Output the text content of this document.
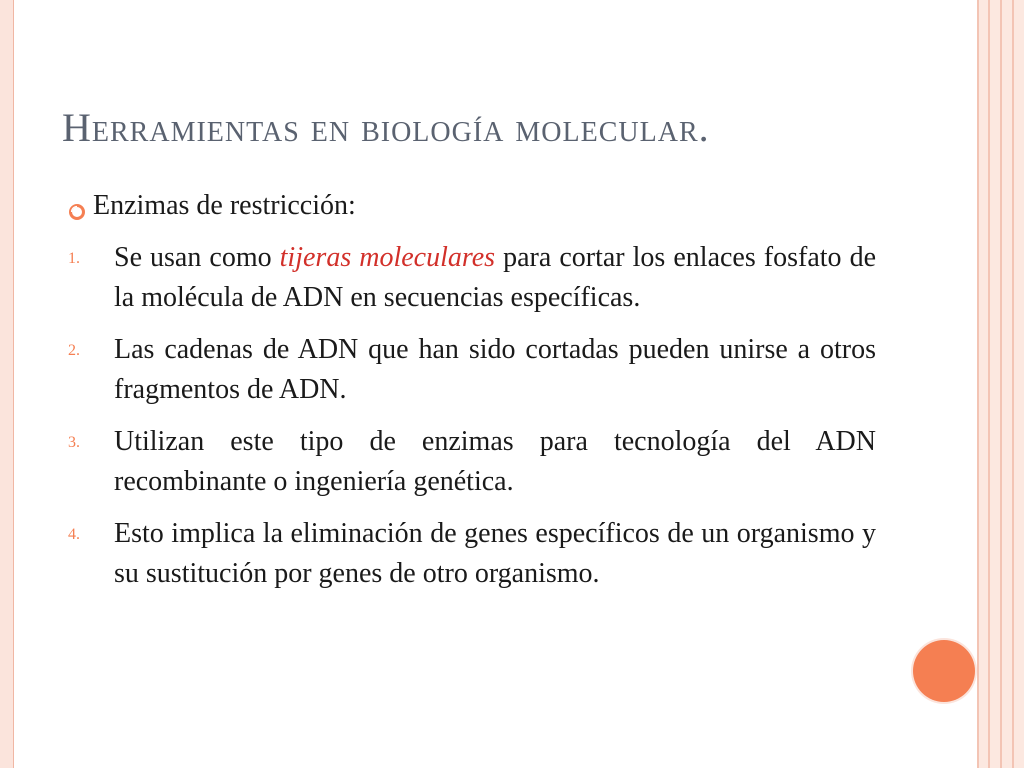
Herramientas en biología molecular.
Enzimas de restricción:
1.	Se usan como tijeras moleculares para cortar los enlaces fosfato de la molécula de ADN en secuencias específicas.
2.	Las cadenas de ADN que han sido cortadas pueden unirse a otros fragmentos de ADN.
3.	Utilizan este tipo de enzimas para tecnología del ADN recombinante o ingeniería genética.
4.	Esto implica la eliminación de genes específicos de un organismo y su sustitución por genes de otro organismo.
